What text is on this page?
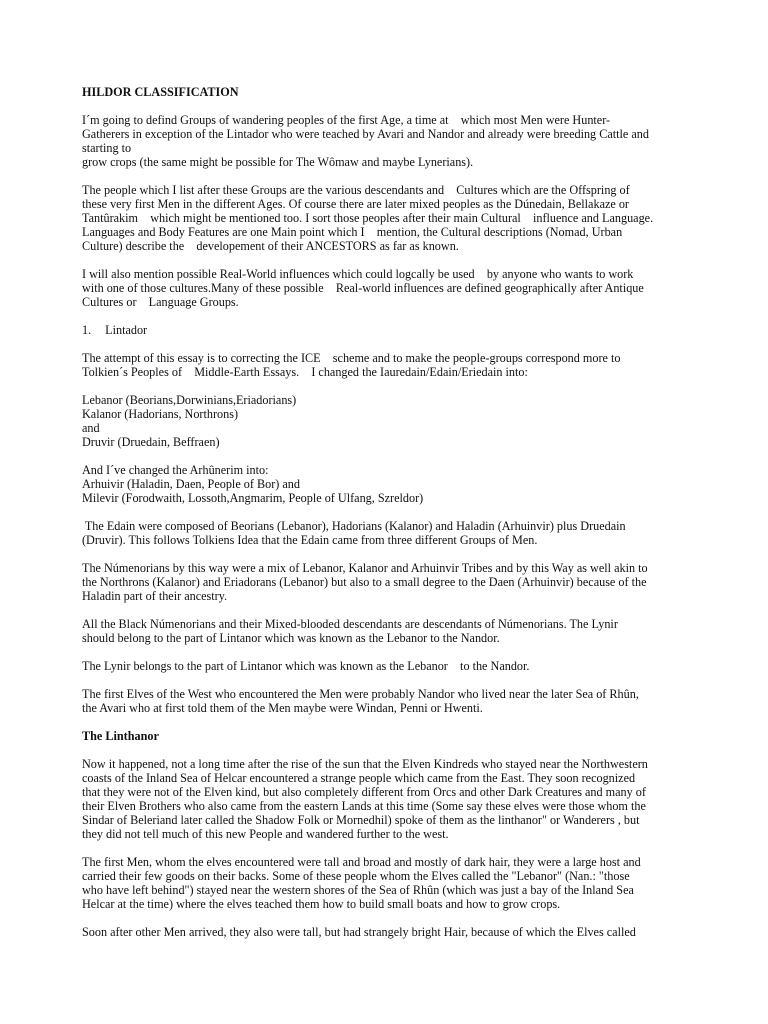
HILDOR CLASSIFICATION

I´m going to defind Groups of wandering peoples of the first Age, a time at    which most Men were Hunter-
Gatherers in exception of the Lintador who were teached by Avari and Nandor and already were breeding Cattle and
starting to
grow crops (the same might be possible for The Wômaw and maybe Lynerians).

The people which I list after these Groups are the various descendants and    Cultures which are the Offspring of
these very first Men in the different Ages. Of course there are later mixed peoples as the Dúnedain, Bellakaze or
Tantûrakim    which might be mentioned too. I sort those peoples after their main Cultural    influence and Language.
Languages and Body Features are one Main point which I    mention, the Cultural descriptions (Nomad, Urban
Culture) describe the    developement of their ANCESTORS as far as known.

I will also mention possible Real-World influences which could logcally be used    by anyone who wants to work
with one of those cultures.Many of these possible    Real-world influences are defined geographically after Antique
Cultures or    Language Groups.

1. Lintador

The attempt of this essay is to correcting the ICE    scheme and to make the people-groups correspond more to
Tolkien´s Peoples of    Middle-Earth Essays.    I changed the Iauredain/Edain/Eriedain into:

Lebanor (Beorians,Dorwinians,Eriadorians)
Kalanor (Hadorians, Northrons)
and
Druvir (Druedain, Beffraen)

And I´ve changed the Arhûnerim into:
Arhuivir (Haladin, Daen, People of Bor) and
Milevir (Forodwaith, Lossoth,Angmarim, People of Ulfang, Szreldor)

The Edain were composed of Beorians (Lebanor), Hadorians (Kalanor) and Haladin (Arhuinvir) plus Druedain
(Druvir). This follows Tolkiens Idea that the Edain came from three different Groups of Men.

The Númenorians by this way were a mix of Lebanor, Kalanor and Arhuinvir Tribes and by this Way as well akin to
the Northrons (Kalanor) and Eriadorans (Lebanor) but also to a small degree to the Daen (Arhuinvir) because of the
Haladin part of their ancestry.

All the Black Númenorians and their Mixed-blooded descendants are descendants of Númenorians. The Lynir
should belong to the part of Lintanor which was known as the Lebanor to the Nandor.

The Lynir belongs to the part of Lintanor which was known as the Lebanor    to the Nandor.

The first Elves of the West who encountered the Men were probably Nandor who lived near the later Sea of Rhûn,
the Avari who at first told them of the Men maybe were Windan, Penni or Hwenti.

The Linthanor

Now it happened, not a long time after the rise of the sun that the Elven Kindreds who stayed near the Northwestern
coasts of the Inland Sea of Helcar encountered a strange people which came from the East. They soon recognized
that they were not of the Elven kind, but also completely different from Orcs and other Dark Creatures and many of
their Elven Brothers who also came from the eastern Lands at this time (Some say these elves were those whom the
Sindar of Beleriand later called the Shadow Folk or Mornedhil) spoke of them as the linthanor" or Wanderers , but
they did not tell much of this new People and wandered further to the west.

The first Men, whom the elves encountered were tall and broad and mostly of dark hair, they were a large host and
carried their few goods on their backs. Some of these people whom the Elves called the "Lebanor" (Nan.: "those
who have left behind") stayed near the western shores of the Sea of Rhûn (which was just a bay of the Inland Sea
Helcar at the time) where the elves teached them how to build small boats and how to grow crops.

Soon after other Men arrived, they also were tall, but had strangely bright Hair, because of which the Elves called
